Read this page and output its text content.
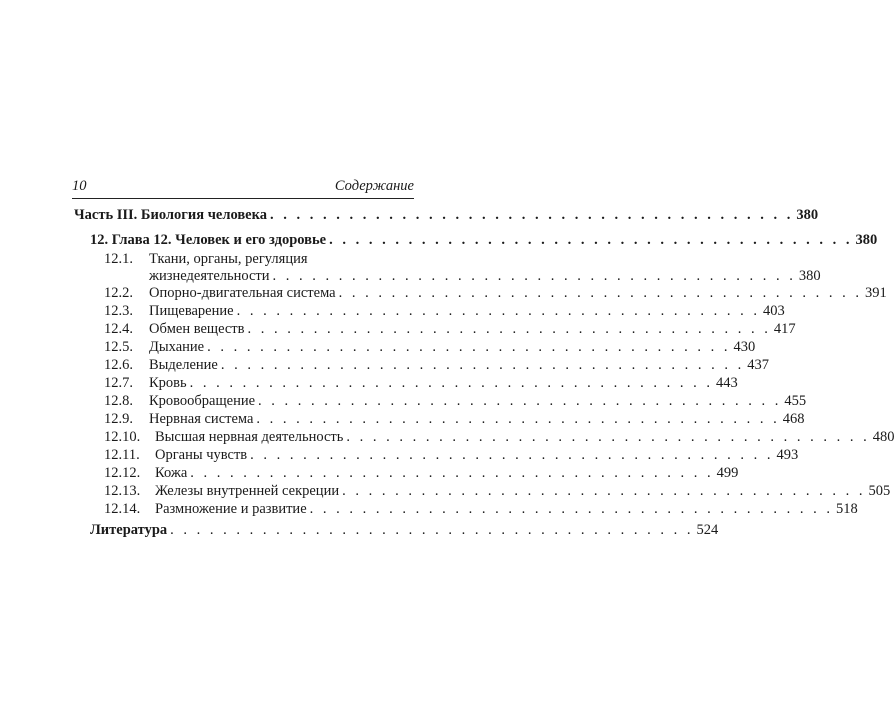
10	Содержание
Часть III. Биология человека . . . . . . . . . . . . . . . . . . . . . . . . . . . . . . . . . . . . . . . . 380
12. Глава 12. Человек и его здоровье . . . . . . . . . . . . . . . . . . . . . . . . . . . . . . . . . . . . . . . . 380
12.1. Ткани, органы, регуляция
жизнедеятельности . . . . . . . . . . . . . . . . . . . . . . . . . . . . . . . . . . . . . . . . 380
12.2.	Опорно-двигательная система . . . . . . . . . . . . . . . . . . . . . . . . . . . . . . . . . . . . . . . . 391
12.3.	Пищеварение . . . . . . . . . . . . . . . . . . . . . . . . . . . . . . . . . . . . . . . . 403
12.4.	Обмен веществ . . . . . . . . . . . . . . . . . . . . . . . . . . . . . . . . . . . . . . . . 417
12.5.	Дыхание . . . . . . . . . . . . . . . . . . . . . . . . . . . . . . . . . . . . . . . . 430
12.6.	Выделение . . . . . . . . . . . . . . . . . . . . . . . . . . . . . . . . . . . . . . . . 437
12.7.	Кровь . . . . . . . . . . . . . . . . . . . . . . . . . . . . . . . . . . . . . . . . 443
12.8.	Кровообращение . . . . . . . . . . . . . . . . . . . . . . . . . . . . . . . . . . . . . . . . 455
12.9.	Нервная система . . . . . . . . . . . . . . . . . . . . . . . . . . . . . . . . . . . . . . . . 468
12.10.	Высшая нервная деятельность . . . . . . . . . . . . . . . . . . . . . . . . . . . . . . . . . . . . . . . . 480
12.11.	Органы чувств . . . . . . . . . . . . . . . . . . . . . . . . . . . . . . . . . . . . . . . . 493
12.12.	Кожа . . . . . . . . . . . . . . . . . . . . . . . . . . . . . . . . . . . . . . . . 499
12.13.	Железы внутренней секреции . . . . . . . . . . . . . . . . . . . . . . . . . . . . . . . . . . . . . . . . 505
12.14.	Размножение и развитие . . . . . . . . . . . . . . . . . . . . . . . . . . . . . . . . . . . . . . . . 518
Литература . . . . . . . . . . . . . . . . . . . . . . . . . . . . . . . . . . . . . . . . 524
